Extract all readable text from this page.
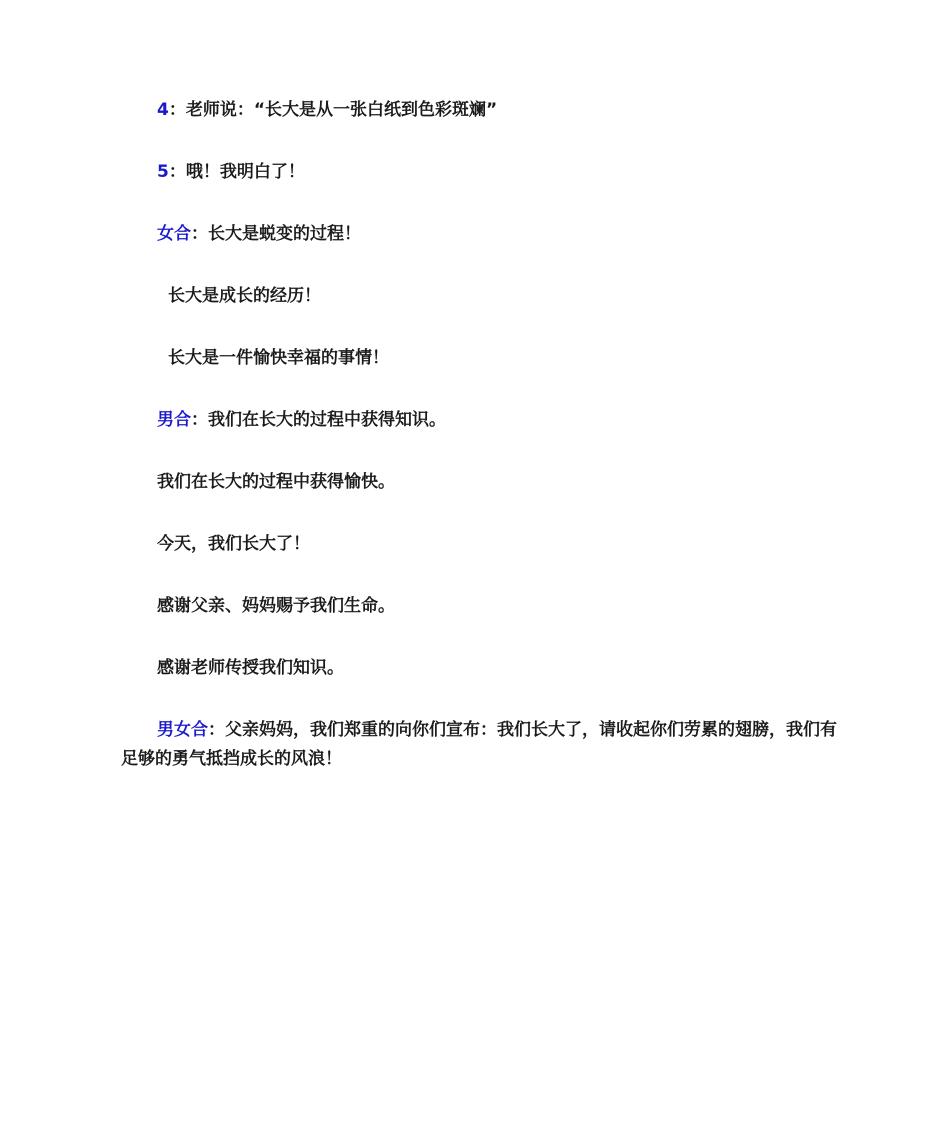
4：老师说：“长大是从一张白纸到色彩斑斓”
5：哦！我明白了！
女合：长大是蜕变的过程！
长大是成长的经历！
长大是一件愉快幸福的事情！
男合：我们在长大的过程中获得知识。
我们在长大的过程中获得愉快。
今天，我们长大了！
感谢父亲、妈妈赐予我们生命。
感谢老师传授我们知识。
男女合：父亲妈妈，我们郑重的向你们宣布：我们长大了，请收起你们劳累的翅膀，我们有足够的勇气抵挡成长的风浪！
